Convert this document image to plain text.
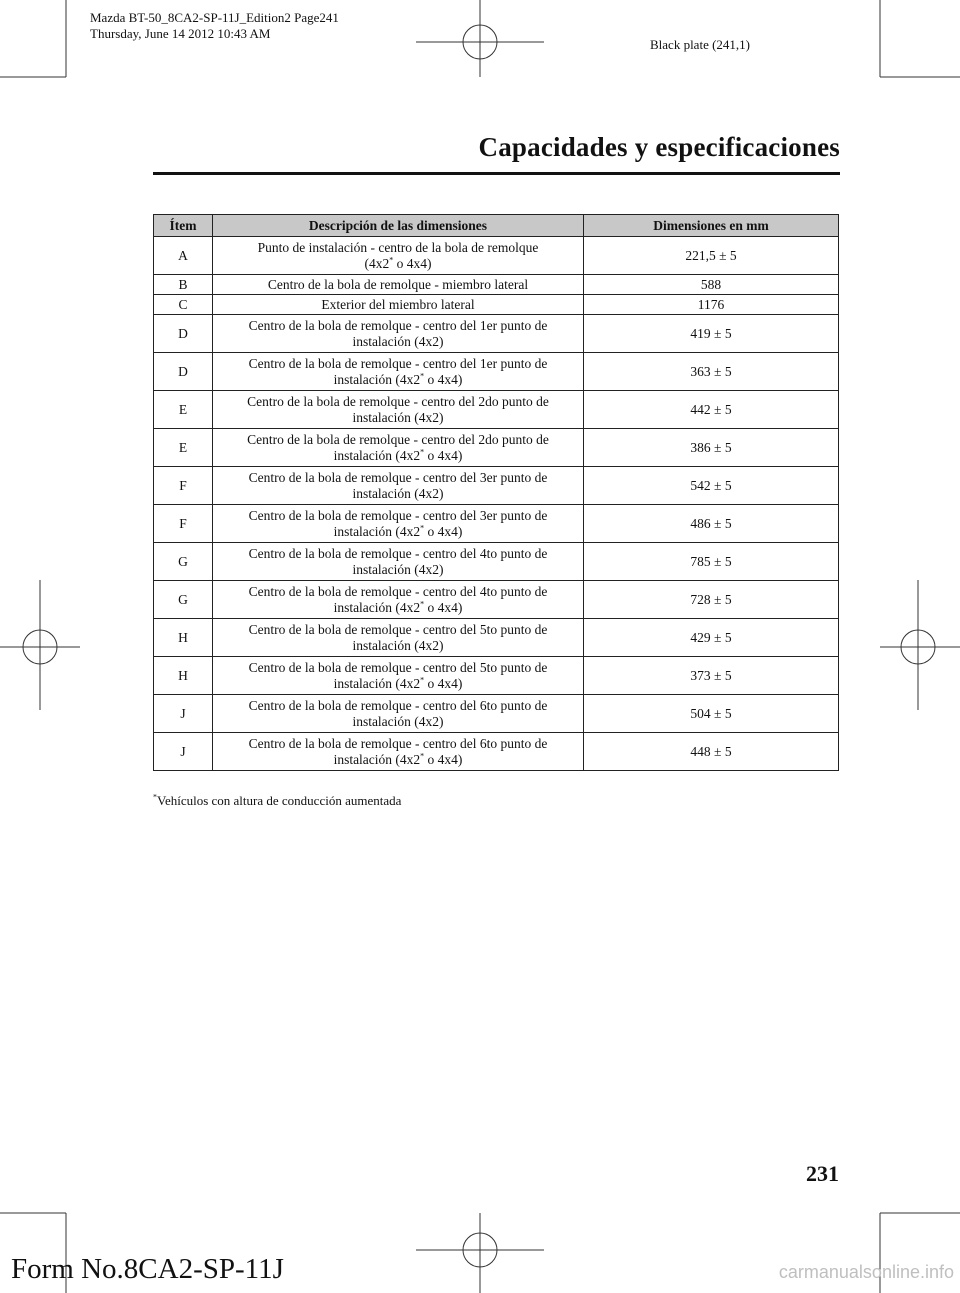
Mazda BT-50_8CA2-SP-11J_Edition2 Page241
Thursday, June 14 2012 10:43 AM
Black plate (241,1)
Capacidades y especificaciones
Ítem	Descripción de las dimensiones	Dimensiones en mm
A	Punto de instalación - centro de la bola de remolque
(4x2* o 4x4)	221,5 ± 5
B	Centro de la bola de remolque - miembro lateral	588
C	Exterior del miembro lateral	1176
D	Centro de la bola de remolque - centro del 1er punto de
instalación (4x2)	419 ± 5
D	Centro de la bola de remolque - centro del 1er punto de
instalación (4x2* o 4x4)	363 ± 5
E	Centro de la bola de remolque - centro del 2do punto de
instalación (4x2)	442 ± 5
E	Centro de la bola de remolque - centro del 2do punto de
instalación (4x2* o 4x4)	386 ± 5
F	Centro de la bola de remolque - centro del 3er punto de
instalación (4x2)	542 ± 5
F	Centro de la bola de remolque - centro del 3er punto de
instalación (4x2* o 4x4)	486 ± 5
G	Centro de la bola de remolque - centro del 4to punto de
instalación (4x2)	785 ± 5
G	Centro de la bola de remolque - centro del 4to punto de
instalación (4x2* o 4x4)	728 ± 5
H	Centro de la bola de remolque - centro del 5to punto de
instalación (4x2)	429 ± 5
H	Centro de la bola de remolque - centro del 5to punto de
instalación (4x2* o 4x4)	373 ± 5
J	Centro de la bola de remolque - centro del 6to punto de
instalación (4x2)	504 ± 5
J	Centro de la bola de remolque - centro del 6to punto de
instalación (4x2* o 4x4)	448 ± 5
*Vehículos con altura de conducción aumentada
231
Form No.8CA2-SP-11J	carmanualsonline.info
